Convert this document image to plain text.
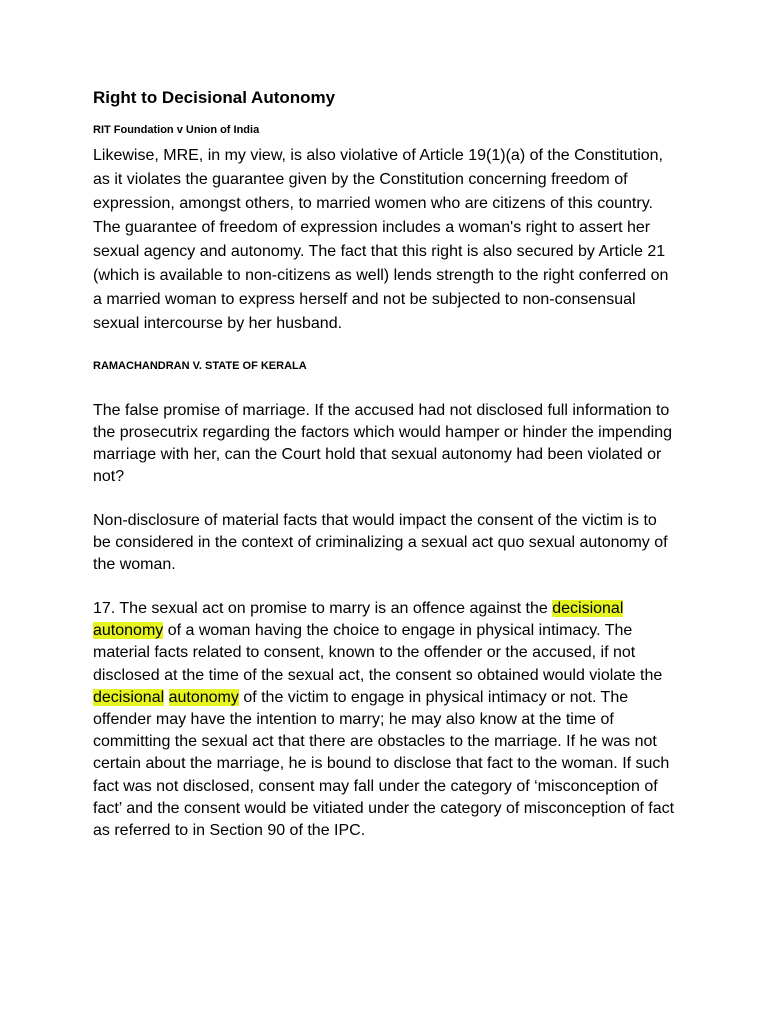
Right to Decisional Autonomy

RIT Foundation v Union of India

Likewise, MRE, in my view, is also violative of Article 19(1)(a) of the Constitution, as it violates the guarantee given by the Constitution concerning freedom of expression, amongst others, to married women who are citizens of this country. The guarantee of freedom of expression includes a woman's right to assert her sexual agency and autonomy. The fact that this right is also secured by Article 21 (which is available to non-citizens as well) lends strength to the right conferred on a married woman to express herself and not be subjected to non-consensual sexual intercourse by her husband.

RAMACHANDRAN V. STATE OF KERALA

The false promise of marriage. If the accused had not disclosed full information to the prosecutrix regarding the factors which would hamper or hinder the impending marriage with her, can the Court hold that sexual autonomy had been violated or not?

Non-disclosure of material facts that would impact the consent of the victim is to be considered in the context of criminalizing a sexual act quo sexual autonomy of the woman.

17. The sexual act on promise to marry is an offence against the decisional autonomy of a woman having the choice to engage in physical intimacy. The material facts related to consent, known to the offender or the accused, if not disclosed at the time of the sexual act, the consent so obtained would violate the decisional autonomy of the victim to engage in physical intimacy or not. The offender may have the intention to marry; he may also know at the time of committing the sexual act that there are obstacles to the marriage. If he was not certain about the marriage, he is bound to disclose that fact to the woman. If such fact was not disclosed, consent may fall under the category of ‘misconception of fact’ and the consent would be vitiated under the category of misconception of fact as referred to in Section 90 of the IPC.
